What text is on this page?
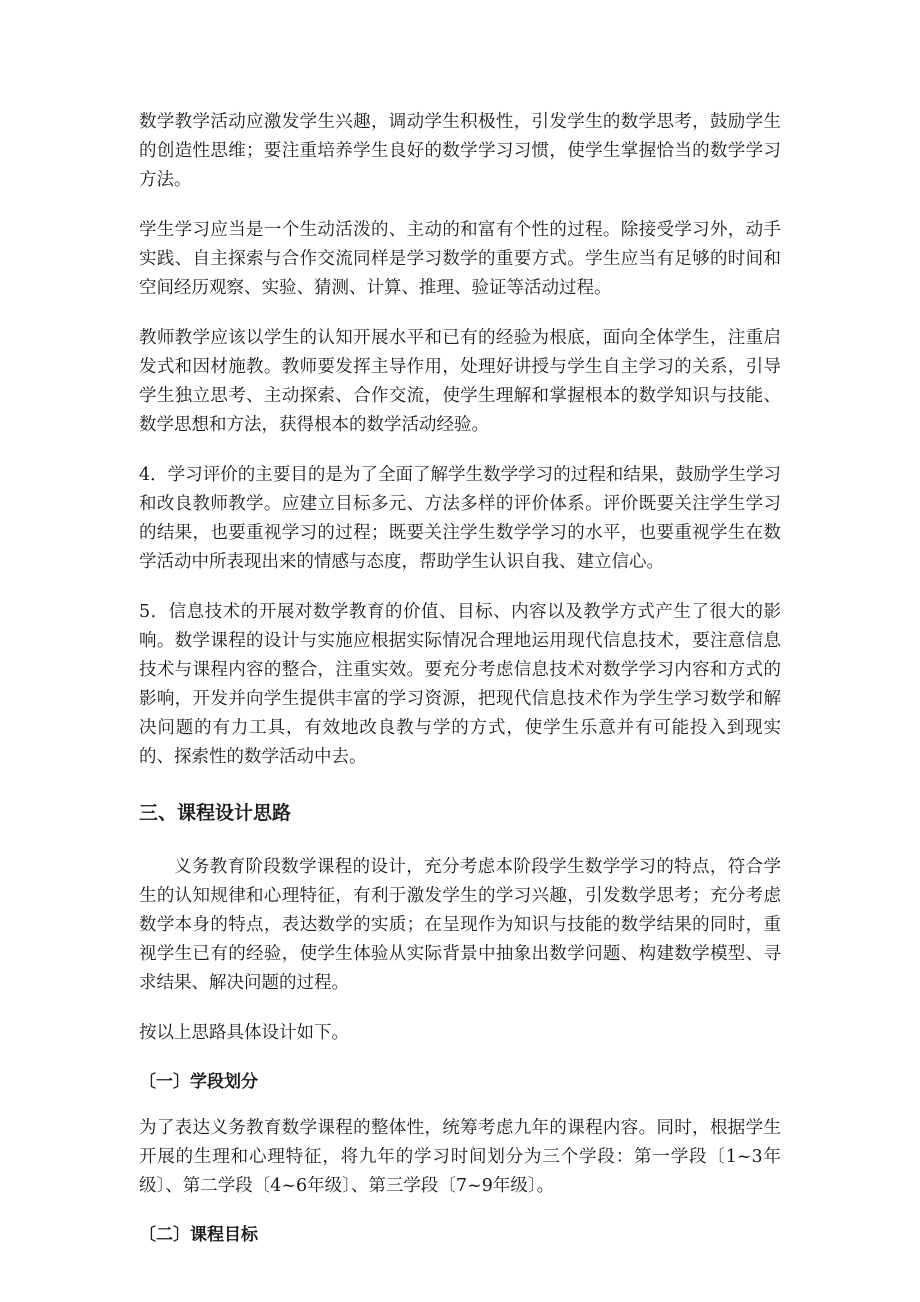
数学教学活动应激发学生兴趣，调动学生积极性，引发学生的数学思考，鼓励学生的创造性思维；要注重培养学生良好的数学学习习惯，使学生掌握恰当的数学学习方法。

学生学习应当是一个生动活泼的、主动的和富有个性的过程。除接受学习外，动手实践、自主探索与合作交流同样是学习数学的重要方式。学生应当有足够的时间和空间经历观察、实验、猜测、计算、推理、验证等活动过程。

教师教学应该以学生的认知开展水平和已有的经验为根底，面向全体学生，注重启发式和因材施教。教师要发挥主导作用，处理好讲授与学生自主学习的关系，引导学生独立思考、主动探索、合作交流，使学生理解和掌握根本的数学知识与技能、数学思想和方法，获得根本的数学活动经验。

4．学习评价的主要目的是为了全面了解学生数学学习的过程和结果，鼓励学生学习和改良教师教学。应建立目标多元、方法多样的评价体系。评价既要关注学生学习的结果，也要重视学习的过程；既要关注学生数学学习的水平，也要重视学生在数学活动中所表现出来的情感与态度，帮助学生认识自我、建立信心。

5．信息技术的开展对数学教育的价值、目标、内容以及教学方式产生了很大的影响。数学课程的设计与实施应根据实际情况合理地运用现代信息技术，要注意信息技术与课程内容的整合，注重实效。要充分考虑信息技术对数学学习内容和方式的影响，开发并向学生提供丰富的学习资源，把现代信息技术作为学生学习数学和解决问题的有力工具，有效地改良教与学的方式，使学生乐意并有可能投入到现实的、探索性的数学活动中去。

三、课程设计思路

义务教育阶段数学课程的设计，充分考虑本阶段学生数学学习的特点，符合学生的认知规律和心理特征，有利于激发学生的学习兴趣，引发数学思考；充分考虑数学本身的特点，表达数学的实质；在呈现作为知识与技能的数学结果的同时，重视学生已有的经验，使学生体验从实际背景中抽象出数学问题、构建数学模型、寻求结果、解决问题的过程。

按以上思路具体设计如下。

〔一〕学段划分

为了表达义务教育数学课程的整体性，统筹考虑九年的课程内容。同时，根据学生开展的生理和心理特征，将九年的学习时间划分为三个学段：第一学段〔1~3年级〕、第二学段〔4~6年级〕、第三学段〔7~9年级〕。

〔二〕课程目标
